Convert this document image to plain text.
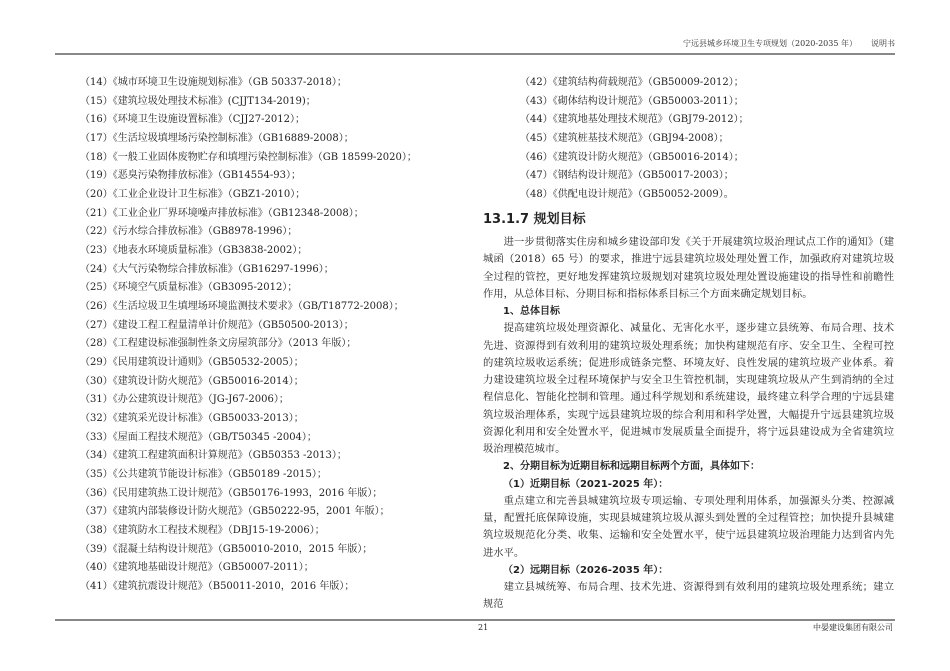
宁远县城乡环境卫生专项规划（2020-2035 年） 说明书
（14）《城市环境卫生设施规划标准》（GB 50337-2018）；
（15）《建筑垃圾处理技术标准》(CJJT134-2019)；
（16）《环境卫生设施设置标准》（CJJ27-2012）；
（17）《生活垃圾填埋场污染控制标准》（GB16889-2008）；
（18）《一般工业固体废物贮存和填埋污染控制标准》（GB 18599-2020）；
（19）《恶臭污染物排放标准》（GB14554-93）；
（20）《工业企业设计卫生标准》（GBZ1-2010）；
（21）《工业企业厂界环境噪声排放标准》（GB12348-2008）；
（22）《污水综合排放标准》（GB8978-1996）；
（23）《地表水环境质量标准》（GB3838-2002）；
（24）《大气污染物综合排放标准》（GB16297-1996）；
（25）《环境空气质量标准》（GB3095-2012）；
（26）《生活垃圾卫生填埋场环境监测技术要求》（GB/T18772-2008）；
（27）《建设工程工程量清单计价规范》（GB50500-2013）；
（28）《工程建设标准强制性条文房屋筑部分》（2013 年版）；
（29）《民用建筑设计通则》（GB50532-2005）；
（30）《建筑设计防火规范》（GB50016-2014）；
（31）《办公建筑设计规范》（JG-J67-2006）；
（32）《建筑采光设计标准》（GB50033-2013）；
（33）《屋面工程技术规范》（GB/T50345 -2004）；
（34）《建筑工程建筑面积计算规范》（GB50353 -2013）；
（35）《公共建筑节能设计标准》（GB50189 -2015）；
（36）《民用建筑热工设计规范》（GB50176-1993，2016 年版）；
（37）《建筑内部装修设计防火规范》（GB50222-95，2001 年版）；
（38）《建筑防水工程技术规程》（DBJ15-19-2006）；
（39）《混凝土结构设计规范》（GB50010-2010，2015 年版）；
（40）《建筑地基础设计规范》（GB50007-2011）；
（41）《建筑抗震设计规范》（B50011-2010，2016 年版）；
（42）《建筑结构荷载规范》（GB50009-2012）；
（43）《砌体结构设计规范》（GB50003-2011）；
（44）《建筑地基处理技术规范》（GBJ79-2012）；
（45）《建筑桩基技术规范》（GBJ94-2008）；
（46）《建筑设计防火规范》（GB50016-2014）；
（47）《钢结构设计规范》（GB50017-2003）；
（48）《供配电设计规范》（GB50052-2009）。
13.1.7 规划目标

进一步贯彻落实住房和城乡建设部印发《关于开展建筑垃圾治理试点工作的通知》（建城函（2018）65 号）的要求，推进宁远县建筑垃圾处理处置工作，加强政府对建筑垃圾全过程的管控，更好地发挥建筑垃圾规划对建筑垃圾处理处置设施建设的指导性和前瞻性作用，从总体目标、分期目标和指标体系目标三个方面来确定规划目标。

1、总体目标

提高建筑垃圾处理资源化、减量化、无害化水平，逐步建立县统筹、布局合理、技术先进、资源得到有效利用的建筑垃圾处理系统；加快构建规范有序、安全卫生、全程可控的建筑垃圾收运系统；促进形成链条完整、环境友好、良性发展的建筑垃圾产业体系。着力建设建筑垃圾全过程环境保护与安全卫生管控机制，实现建筑垃圾从产生到消纳的全过程信息化、智能化控制和管理。通过科学规划和系统建设，最终建立科学合理的宁远县建筑垃圾治理体系，实现宁远县建筑垃圾的综合利用和科学处置，大幅提升宁远县建筑垃圾资源化利用和安全处置水平，促进城市发展质量全面提升，将宁远县建设成为全省建筑垃圾治理模范城市。

2、分期目标为近期目标和远期目标两个方面，具体如下：

（1）近期目标（2021-2025 年）：

重点建立和完善县城建筑垃圾专项运输、专项处理利用体系，加强源头分类、控源减量，配置托底保障设施，实现县城建筑垃圾从源头到处置的全过程管控；加快提升县城建筑垃圾规范化分类、收集、运输和安全处置水平，使宁远县建筑垃圾治理能力达到省内先进水平。

（2）远期目标（2026-2035 年）：

建立县城统筹、布局合理、技术先进、资源得到有效利用的建筑垃圾处理系统；建立规范

21	中晏建设集团有限公司
